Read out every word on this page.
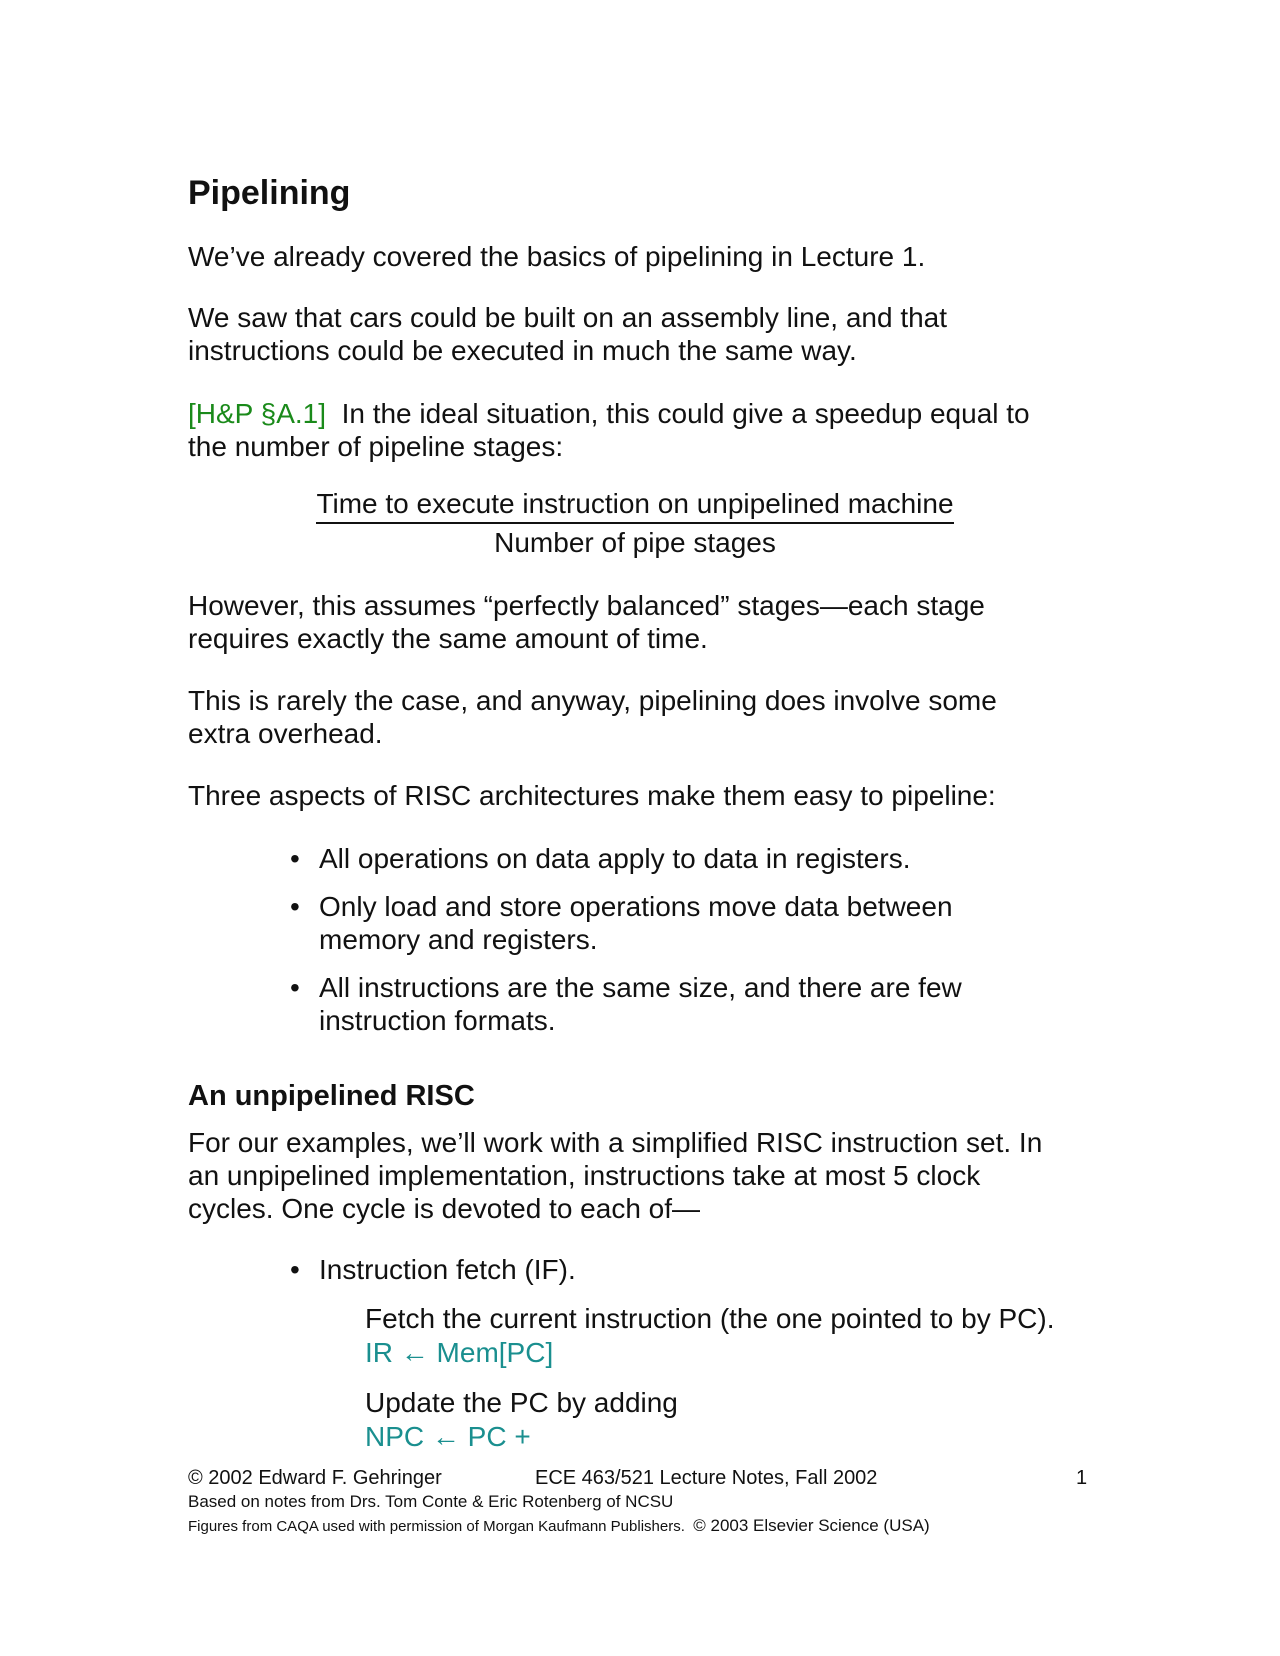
Pipelining
We’ve already covered the basics of pipelining in Lecture 1.
We saw that cars could be built on an assembly line, and that
instructions could be executed in much the same way.
[H&P §A.1] In the ideal situation, this could give a speedup equal to
the number of pipeline stages:
Time to execute instruction on unpipelined machine
Number of pipe stages
However, this assumes “perfectly balanced” stages—each stage
requires exactly the same amount of time.
This is rarely the case, and anyway, pipelining does involve some
extra overhead.
Three aspects of RISC architectures make them easy to pipeline:
• All operations on data apply to data in registers.
• Only load and store operations move data between
memory and registers.
• All instructions are the same size, and there are few
instruction formats.
An unpipelined RISC
For our examples, we’ll work with a simplified RISC instruction set. In
an unpipelined implementation, instructions take at most 5 clock
cycles. One cycle is devoted to each of—
• Instruction fetch (IF).
Fetch the current instruction (the one pointed to by PC).
IR ← Mem[PC]
Update the PC by adding
NPC ← PC +
© 2002 Edward F. Gehringer	ECE 463/521 Lecture Notes, Fall 2002	1
Based on notes from Drs. Tom Conte & Eric Rotenberg of NCSU
Figures from CAQA used with permission of Morgan Kaufmann Publishers. © 2003 Elsevier Science (USA)
